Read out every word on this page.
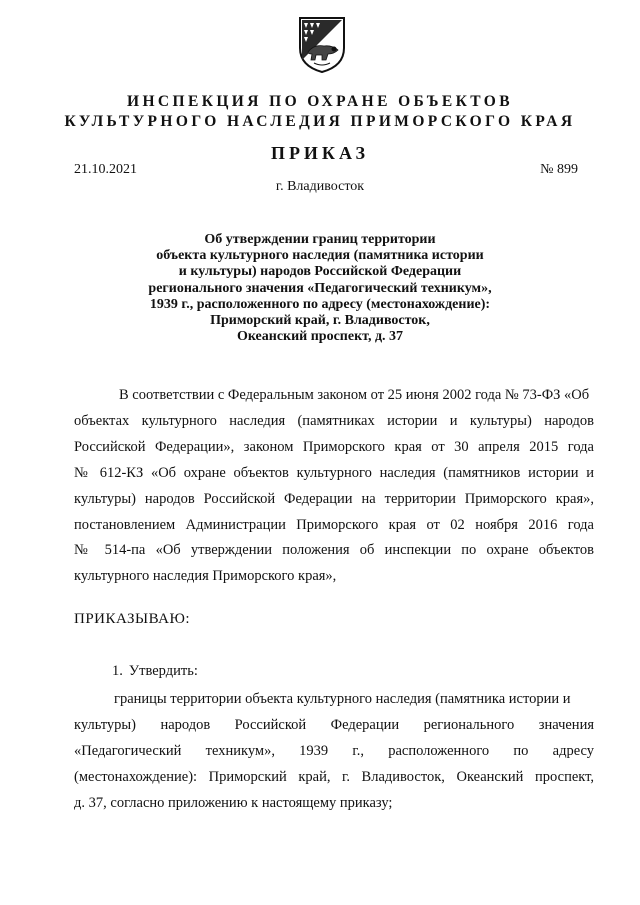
ИНСПЕКЦИЯ ПО ОХРАНЕ ОБЪЕКТОВ
КУЛЬТУРНОГО НАСЛЕДИЯ ПРИМОРСКОГО КРАЯ
ПРИКАЗ
21.10.2021	№ 899
г. Владивосток
Об утверждении границ территории
объекта культурного наследия (памятника истории
и культуры) народов Российской Федерации
регионального значения «Педагогический техникум»,
1939 г., расположенного по адресу (местонахождение):
Приморский край, г. Владивосток,
Океанский проспект, д. 37
В соответствии с Федеральным законом от 25 июня 2002 года № 73-ФЗ «Об
объектах культурного наследия (памятниках истории и культуры) народов
Российской Федерации», законом Приморского края от 30 апреля 2015 года
№ 612-КЗ «Об охране объектов культурного наследия (памятников истории и
культуры) народов Российской Федерации на территории Приморского края»,
постановлением Администрации Приморского края от 02 ноября 2016 года
№ 514-па «Об утверждении положения об инспекции по охране объектов
культурного наследия Приморского края»,
ПРИКАЗЫВАЮ:
1. Утвердить:
границы территории объекта культурного наследия (памятника истории и
культуры) народов Российской Федерации регионального значения
«Педагогический техникум», 1939 г., расположенного по адресу
(местонахождение): Приморский край, г. Владивосток, Океанский проспект,
д. 37, согласно приложению к настоящему приказу;
